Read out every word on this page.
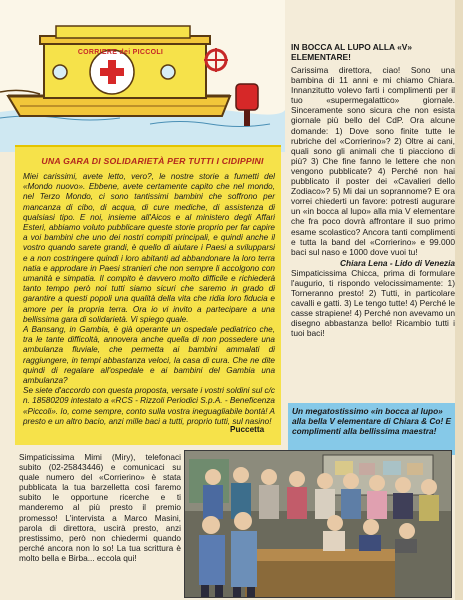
CORRIERE dei PICCOLI
UNA GARA DI SOLIDARIETÀ PER TUTTI I CIDIPPINI

Miei carissimi, avete letto, vero?, le nostre storie a fumetti del «Mondo nuovo». Ebbene, avete certamente capito che nel mondo, nel Terzo Mondo, ci sono tantissimi bambini che soffrono per mancanza di cibo, di acqua, di cure mediche, di assistenza di qualsiasi tipo. E noi, insieme all'Aicos e al ministero degli Affari Esteri, abbiamo voluto pubblicare queste storie proprio per far capire a voi bambini che uno dei nostri compiti principali, e quindi anche il vostro quando sarete grandi, è quello di aiutare i Paesi a svilupparsi e a non costringere quindi i loro abitanti ad abbandonare la loro terra natia e approdare in Paesi stranieri che non sempre li accolgono con umanità e simpatia. Il compito è davvero molto difficile e richiederà tanto tempo però noi tutti siamo sicuri che saremo in grado di garantire a questi popoli una qualità della vita che ridia loro fiducia e amore per la propria terra. Ora io vi invito a partecipare a una bellissima gara di solidarietà. Vi spiego quale.

A Bansang, in Gambia, è già operante un ospedale pediatrico che, tra le tante difficoltà, annovera anche quella di non possedere una ambulanza fluviale, che permetta ai bambini ammalati di raggiungere, in tempi abbastanza veloci, la casa di cura. Che ne dite quindi di regalare all'ospedale e ai bambini del Gambia una ambulanza?

Se siete d'accordo con questa proposta, versate i vostri soldini sul c/c n. 18580209 intestato a «RCS - Rizzoli Periodici S.p.A. - Beneficenza «Piccoli». Io, come sempre, conto sulla vostra ineguagliabile bontà! A presto e un altro bacio, anzi mille baci a tutti, proprio tutti, sul nasino!

Puccetta
IN BOCCA AL LUPO ALLA «V» ELEMENTARE!
Carissima direttora, ciao! Sono una bambina di 11 anni e mi chiamo Chiara. Innanzitutto volevo farti i complimenti per il tuo «supermegalattico» giornale. Sinceramente sono sicura che non esista giornale più bello del CdP. Ora alcune domande: 1) Dove sono finite tutte le rubriche del «Corrierino»? 2) Oltre ai cani, quali sono gli animali che ti piacciono di più? 3) Che fine fanno le lettere che non vengono pubblicate? 4) Perché non hai pubblicato il poster dei «Cavalieri dello Zodiaco»? 5) Mi dai un soprannome? E ora vorrei chiederti un favore: potresti augurare un «in bocca al lupo» alla mia V elementare che fra poco dovrà affrontare il suo primo esame scolastico? Ancora tanti complimenti e tutta la band del «Corrierino» e 99.000 baci sul naso e 1000 dove vuoi tu!
Chiara Lena - Lido di Venezia
Simpaticissima Chicca, prima di formulare l'augurio, ti rispondo velocissimamente: 1) Torneranno presto! 2) Tutti, in particolare cavalli e gatti. 3) Le tengo tutte! 4) Perché le casse strapiene! 4) Perché non avevamo un disegno abbastanza bello! Ricambio tutti i tuoi baci!

Un megatostissimo «in bocca al lupo» alla bella V elementare di Chiara & Co! E complimenti alla bellissima maestra!

Simpaticissima Mimi (Miry), telefonaci subito (02-25843446) e comunicaci su quale numero del «Corrierino» è stata pubblicata la tua barzelletta così faremo subito le opportune ricerche e ti manderemo al più presto il premio promesso! L'intervista a Marco Masini, parola di direttora, uscirà presto, anzi prestissimo, però non chiedermi quando perché ancora non lo so! La tua scrittura è molto bella e Birba... eccola qui!
